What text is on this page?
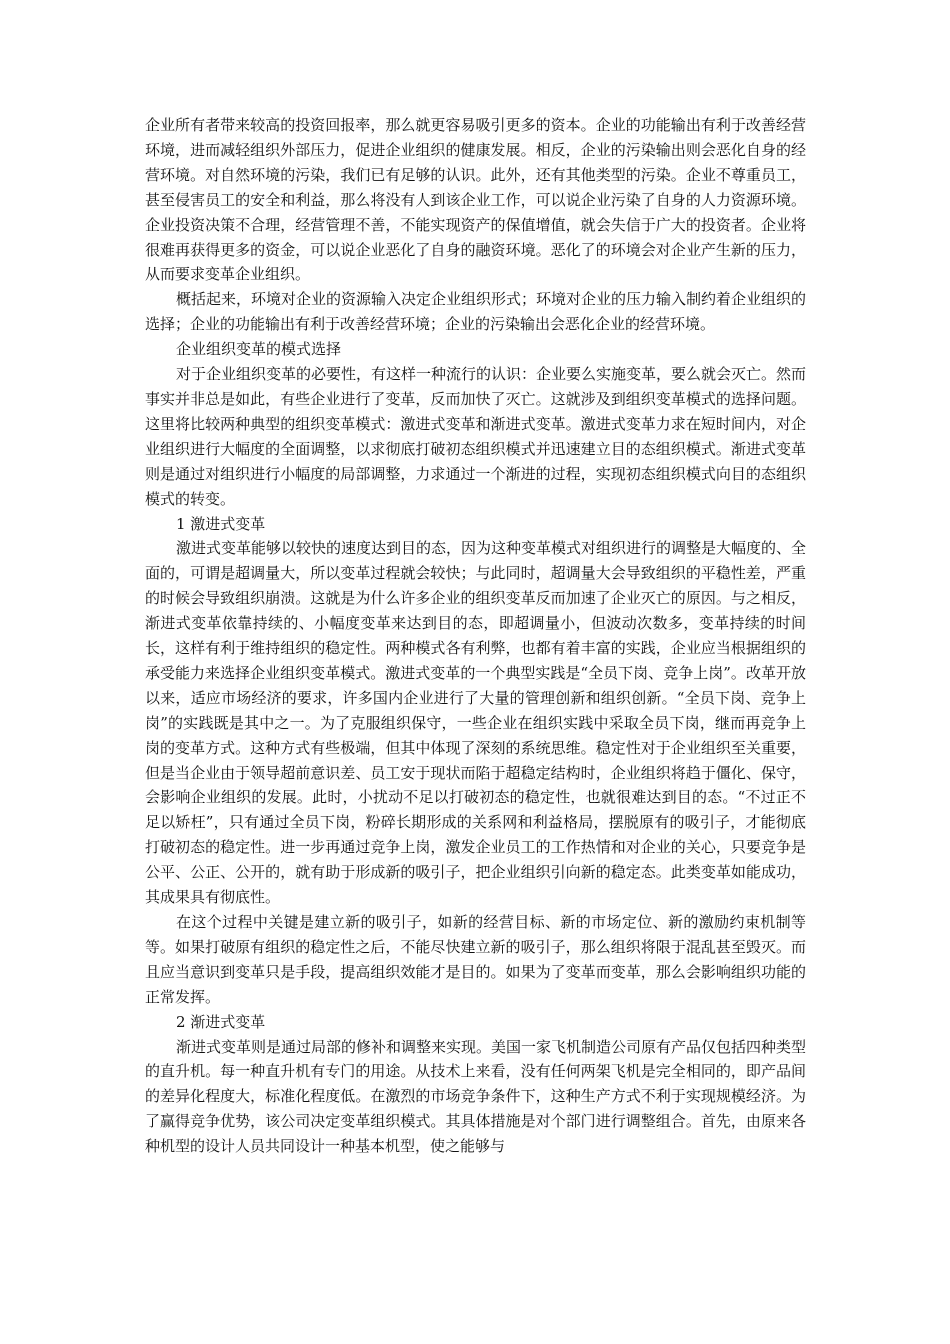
企业所有者带来较高的投资回报率，那么就更容易吸引更多的资本。企业的功能输出有利于改善经营环境，进而减轻组织外部压力，促进企业组织的健康发展。相反，企业的污染输出则会恶化自身的经营环境。对自然环境的污染，我们已有足够的认识。此外，还有其他类型的污染。企业不尊重员工，甚至侵害员工的安全和利益，那么将没有人到该企业工作，可以说企业污染了自身的人力资源环境。企业投资决策不合理，经营管理不善，不能实现资产的保值增值，就会失信于广大的投资者。企业将很难再获得更多的资金，可以说企业恶化了自身的融资环境。恶化了的环境会对企业产生新的压力，从而要求变革企业组织。

概括起来，环境对企业的资源输入决定企业组织形式；环境对企业的压力输入制约着企业组织的选择；企业的功能输出有利于改善经营环境；企业的污染输出会恶化企业的经营环境。

企业组织变革的模式选择

对于企业组织变革的必要性，有这样一种流行的认识：企业要么实施变革，要么就会灭亡。然而事实并非总是如此，有些企业进行了变革，反而加快了灭亡。这就涉及到组织变革模式的选择问题。这里将比较两种典型的组织变革模式：激进式变革和渐进式变革。激进式变革力求在短时间内，对企业组织进行大幅度的全面调整，以求彻底打破初态组织模式并迅速建立目的态组织模式。渐进式变革则是通过对组织进行小幅度的局部调整，力求通过一个渐进的过程，实现初态组织模式向目的态组织模式的转变。

1 激进式变革

激进式变革能够以较快的速度达到目的态，因为这种变革模式对组织进行的调整是大幅度的、全面的，可谓是超调量大，所以变革过程就会较快；与此同时，超调量大会导致组织的平稳性差，严重的时候会导致组织崩溃。这就是为什么许多企业的组织变革反而加速了企业灭亡的原因。与之相反，渐进式变革依靠持续的、小幅度变革来达到目的态，即超调量小，但波动次数多，变革持续的时间长，这样有利于维持组织的稳定性。两种模式各有利弊，也都有着丰富的实践，企业应当根据组织的承受能力来选择企业组织变革模式。激进式变革的一个典型实践是“全员下岗、竞争上岗”。改革开放以来，适应市场经济的要求，许多国内企业进行了大量的管理创新和组织创新。“全员下岗、竞争上岗”的实践既是其中之一。为了克服组织保守，一些企业在组织实践中采取全员下岗，继而再竞争上岗的变革方式。这种方式有些极端，但其中体现了深刻的系统思维。稳定性对于企业组织至关重要，但是当企业由于领导超前意识差、员工安于现状而陷于超稳定结构时，企业组织将趋于僵化、保守，会影响企业组织的发展。此时，小扰动不足以打破初态的稳定性，也就很难达到目的态。“不过正不足以矫枉”，只有通过全员下岗，粉碎长期形成的关系网和利益格局，摆脱原有的吸引子，才能彻底打破初态的稳定性。进一步再通过竞争上岗，激发企业员工的工作热情和对企业的关心，只要竞争是公平、公正、公开的，就有助于形成新的吸引子，把企业组织引向新的稳定态。此类变革如能成功，其成果具有彻底性。

在这个过程中关键是建立新的吸引子，如新的经营目标、新的市场定位、新的激励约束机制等等。如果打破原有组织的稳定性之后，不能尽快建立新的吸引子，那么组织将限于混乱甚至毁灭。而且应当意识到变革只是手段，提高组织效能才是目的。如果为了变革而变革，那么会影响组织功能的正常发挥。

2 渐进式变革

渐进式变革则是通过局部的修补和调整来实现。美国一家飞机制造公司原有产品仅包括四种类型的直升机。每一种直升机有专门的用途。从技术上来看，没有任何两架飞机是完全相同的，即产品间的差异化程度大，标准化程度低。在激烈的市场竞争条件下，这种生产方式不利于实现规模经济。为了赢得竞争优势，该公司决定变革组织模式。其具体措施是对个部门进行调整组合。首先，由原来各种机型的设计人员共同设计一种基本机型，使之能够与
